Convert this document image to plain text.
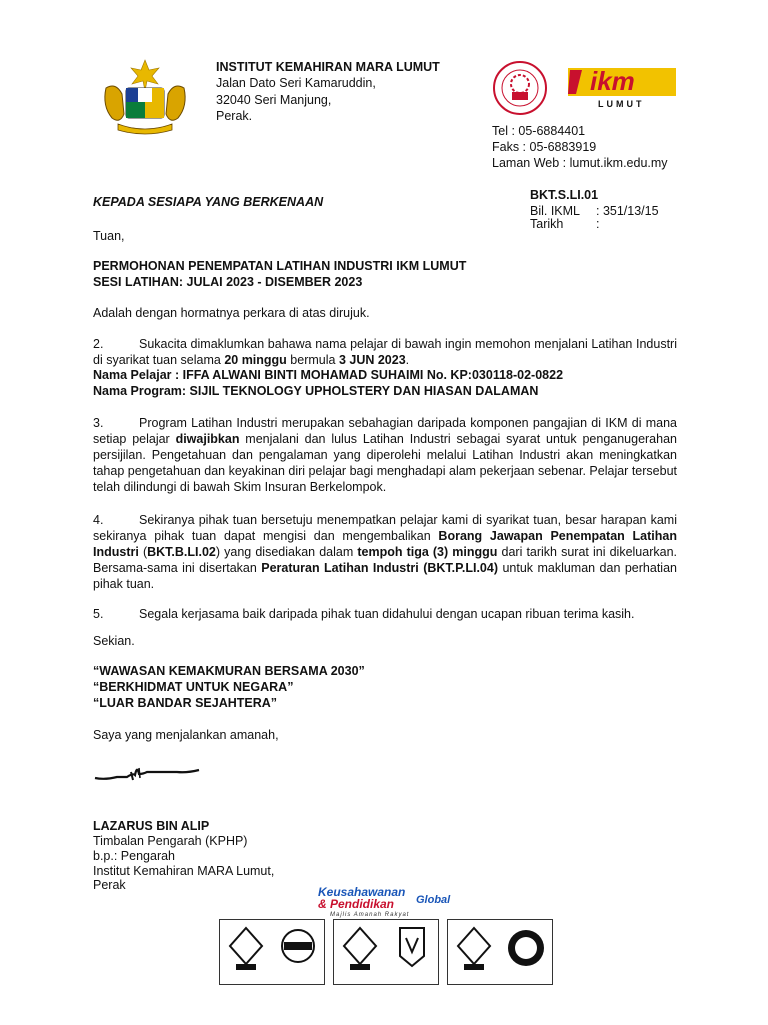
INSTITUT KEMAHIRAN MARA LUMUT
Jalan Dato Seri Kamaruddin,
32040 Seri Manjung,
Perak.
ikm
LUMUT
Tel : 05-6884401
Faks : 05-6883919
Laman Web : lumut.ikm.edu.my
BKT.S.LI.01
Bil. IKML : 351/13/15
Tarikh	:
KEPADA SESIAPA YANG BERKENAAN
Tuan,
PERMOHONAN PENEMPATAN LATIHAN INDUSTRI IKM LUMUT
SESI LATIHAN: JULAI 2023 - DISEMBER 2023
Adalah dengan hormatnya perkara di atas dirujuk.
2.	Sukacita dimaklumkan bahawa nama pelajar di bawah ingin memohon menjalani Latihan Industri di syarikat tuan selama 20 minggu bermula 3 JUN 2023.
Nama Pelajar : IFFA ALWANI BINTI MOHAMAD SUHAIMI No. KP:030118-02-0822
Nama Program: SIJIL TEKNOLOGY UPHOLSTERY DAN HIASAN DALAMAN
3.	Program Latihan Industri merupakan sebahagian daripada komponen pangajian di IKM di mana setiap pelajar diwajibkan menjalani dan lulus Latihan Industri sebagai syarat untuk penganugerahan persijilan. Pengetahuan dan pengalaman yang diperolehi melalui Latihan Industri akan meningkatkan tahap pengetahuan dan keyakinan diri pelajar bagi menghadapi alam pekerjaan sebenar. Pelajar tersebut telah dilindungi di bawah Skim Insuran Berkelompok.
4.	Sekiranya pihak tuan bersetuju menempatkan pelajar kami di syarikat tuan, besar harapan kami sekiranya pihak tuan dapat mengisi dan mengembalikan Borang Jawapan Penempatan Latihan Industri (BKT.B.LI.02) yang disediakan dalam tempoh tiga (3) minggu dari tarikh surat ini dikeluarkan. Bersama-sama ini disertakan Peraturan Latihan Industri (BKT.P.LI.04) untuk makluman dan perhatian pihak tuan.
5.	Segala kerjasama baik daripada pihak tuan didahului dengan ucapan ribuan terima kasih.
Sekian.
“WAWASAN KEMAKMURAN BERSAMA 2030”
“BERKHIDMAT UNTUK NEGARA”
“LUAR BANDAR SEJAHTERA”
Saya yang menjalankan amanah,
LAZARUS BIN ALIP
Timbalan Pengarah (KPHP)
b.p.: Pengarah
Institut Kemahiran MARA Lumut,
Perak	Keusahawanan
& Pendidikan Global
Majlis Amanah Rakyat
